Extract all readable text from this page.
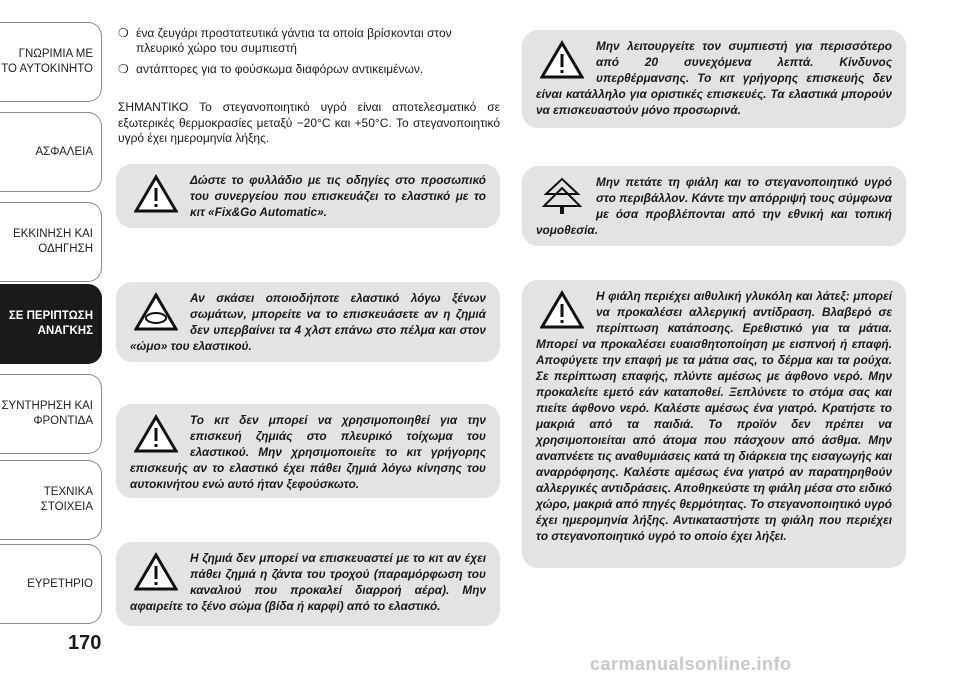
ΓΝΩΡΙΜΙΑ ΜΕ ΤΟ ΑΥΤΟΚΙΝΗΤΟ
ΑΣΦΑΛΕΙΑ
ΕΚΚΙΝΗΣΗ ΚΑΙ ΟΔΗΓΗΣΗ
ΣΕ ΠΕΡΙΠΤΩΣΗ ΑΝΑΓΚΗΣ
ΣΥΝΤΗΡΗΣΗ ΚΑΙ ΦΡΟΝΤΙΔΑ
ΤΕΧΝΙΚΑ ΣΤΟΙΧΕΙΑ
ΕΥΡΕΤΗΡΙΟ
170
❍ ένα ζευγάρι προστατευτικά γάντια τα οποία βρίσκονται στον πλευρικό χώρο του συμπιεστή
❍ αντάπτορες για το φούσκωμα διαφόρων αντικειμένων.
ΣΗΜΑΝΤΙΚΟ Το στεγανοποιητικό υγρό είναι αποτελεσματικό σε εξωτερικές θερμοκρασίες μεταξύ −20°C και +50°C. Το στεγανοποιητικό υγρό έχει ημερομηνία λήξης.
Δώστε το φυλλάδιο με τις οδηγίες στο προσωπικό του συνεργείου που επισκευάζει το ελαστικό με το κιτ «Fix&Go Automatic».
Αν σκάσει οποιοδήποτε ελαστικό λόγω ξένων σωμάτων, μπορείτε να το επισκευάσετε αν η ζημιά δεν υπερβαίνει τα 4 χλστ επάνω στο πέλμα και στον «ώμο» του ελαστικού.
Το κιτ δεν μπορεί να χρησιμοποιηθεί για την επισκευή ζημιάς στο πλευρικό τοίχωμα του ελαστικού. Μην χρησιμοποιείτε το κιτ γρήγορης επισκευής αν το ελαστικό έχει πάθει ζημιά λόγω κίνησης του αυτοκινήτου ενώ αυτό ήταν ξεφούσκωτο.
Η ζημιά δεν μπορεί να επισκευαστεί με το κιτ αν έχει πάθει ζημιά η ζάντα του τροχού (παραμόρφωση του καναλιού που προκαλεί διαρροή αέρα). Μην αφαιρείτε το ξένο σώμα (βίδα ή καρφί) από το ελαστικό.
Μην λειτουργείτε τον συμπιεστή για περισσότερο από 20 συνεχόμενα λεπτά. Κίνδυνος υπερθέρμανσης. Το κιτ γρήγορης επισκευής δεν είναι κατάλληλο για οριστικές επισκευές. Τα ελαστικά μπορούν να επισκευαστούν μόνο προσωρινά.
Μην πετάτε τη φιάλη και το στεγανοποιητικό υγρό στο περιβάλλον. Κάντε την απόρριψή τους σύμφωνα με όσα προβλέπονται από την εθνική και τοπική νομοθεσία.
Η φιάλη περιέχει αιθυλική γλυκόλη και λάτεξ: μπορεί να προκαλέσει αλλεργική αντίδραση. Βλαβερό σε περίπτωση κατάποσης. Ερεθιστικό για τα μάτια. Μπορεί να προκαλέσει ευαισθητοποίηση με εισπνοή ή επαφή. Αποφύγετε την επαφή με τα μάτια σας, το δέρμα και τα ρούχα. Σε περίπτωση επαφής, πλύντε αμέσως με άφθονο νερό. Μην προκαλείτε εμετό εάν καταποθεί. Ξεπλύνετε το στόμα σας και πιείτε άφθονο νερό. Καλέστε αμέσως ένα γιατρό. Κρατήστε το μακριά από τα παιδιά. Το προϊόν δεν πρέπει να χρησιμοποιείται από άτομα που πάσχουν από άσθμα. Μην αναπνέετε τις αναθυμιάσεις κατά τη διάρκεια της εισαγωγής και αναρρόφησης. Καλέστε αμέσως ένα γιατρό αν παρατηρηθούν αλλεργικές αντιδράσεις. Αποθηκεύστε τη φιάλη μέσα στο ειδικό χώρο, μακριά από πηγές θερμότητας. Το στεγανοποιητικό υγρό έχει ημερομηνία λήξης. Αντικαταστήστε τη φιάλη που περιέχει το στεγανοποιητικό υγρό το οποίο έχει λήξει.
carmanualsonline.info
